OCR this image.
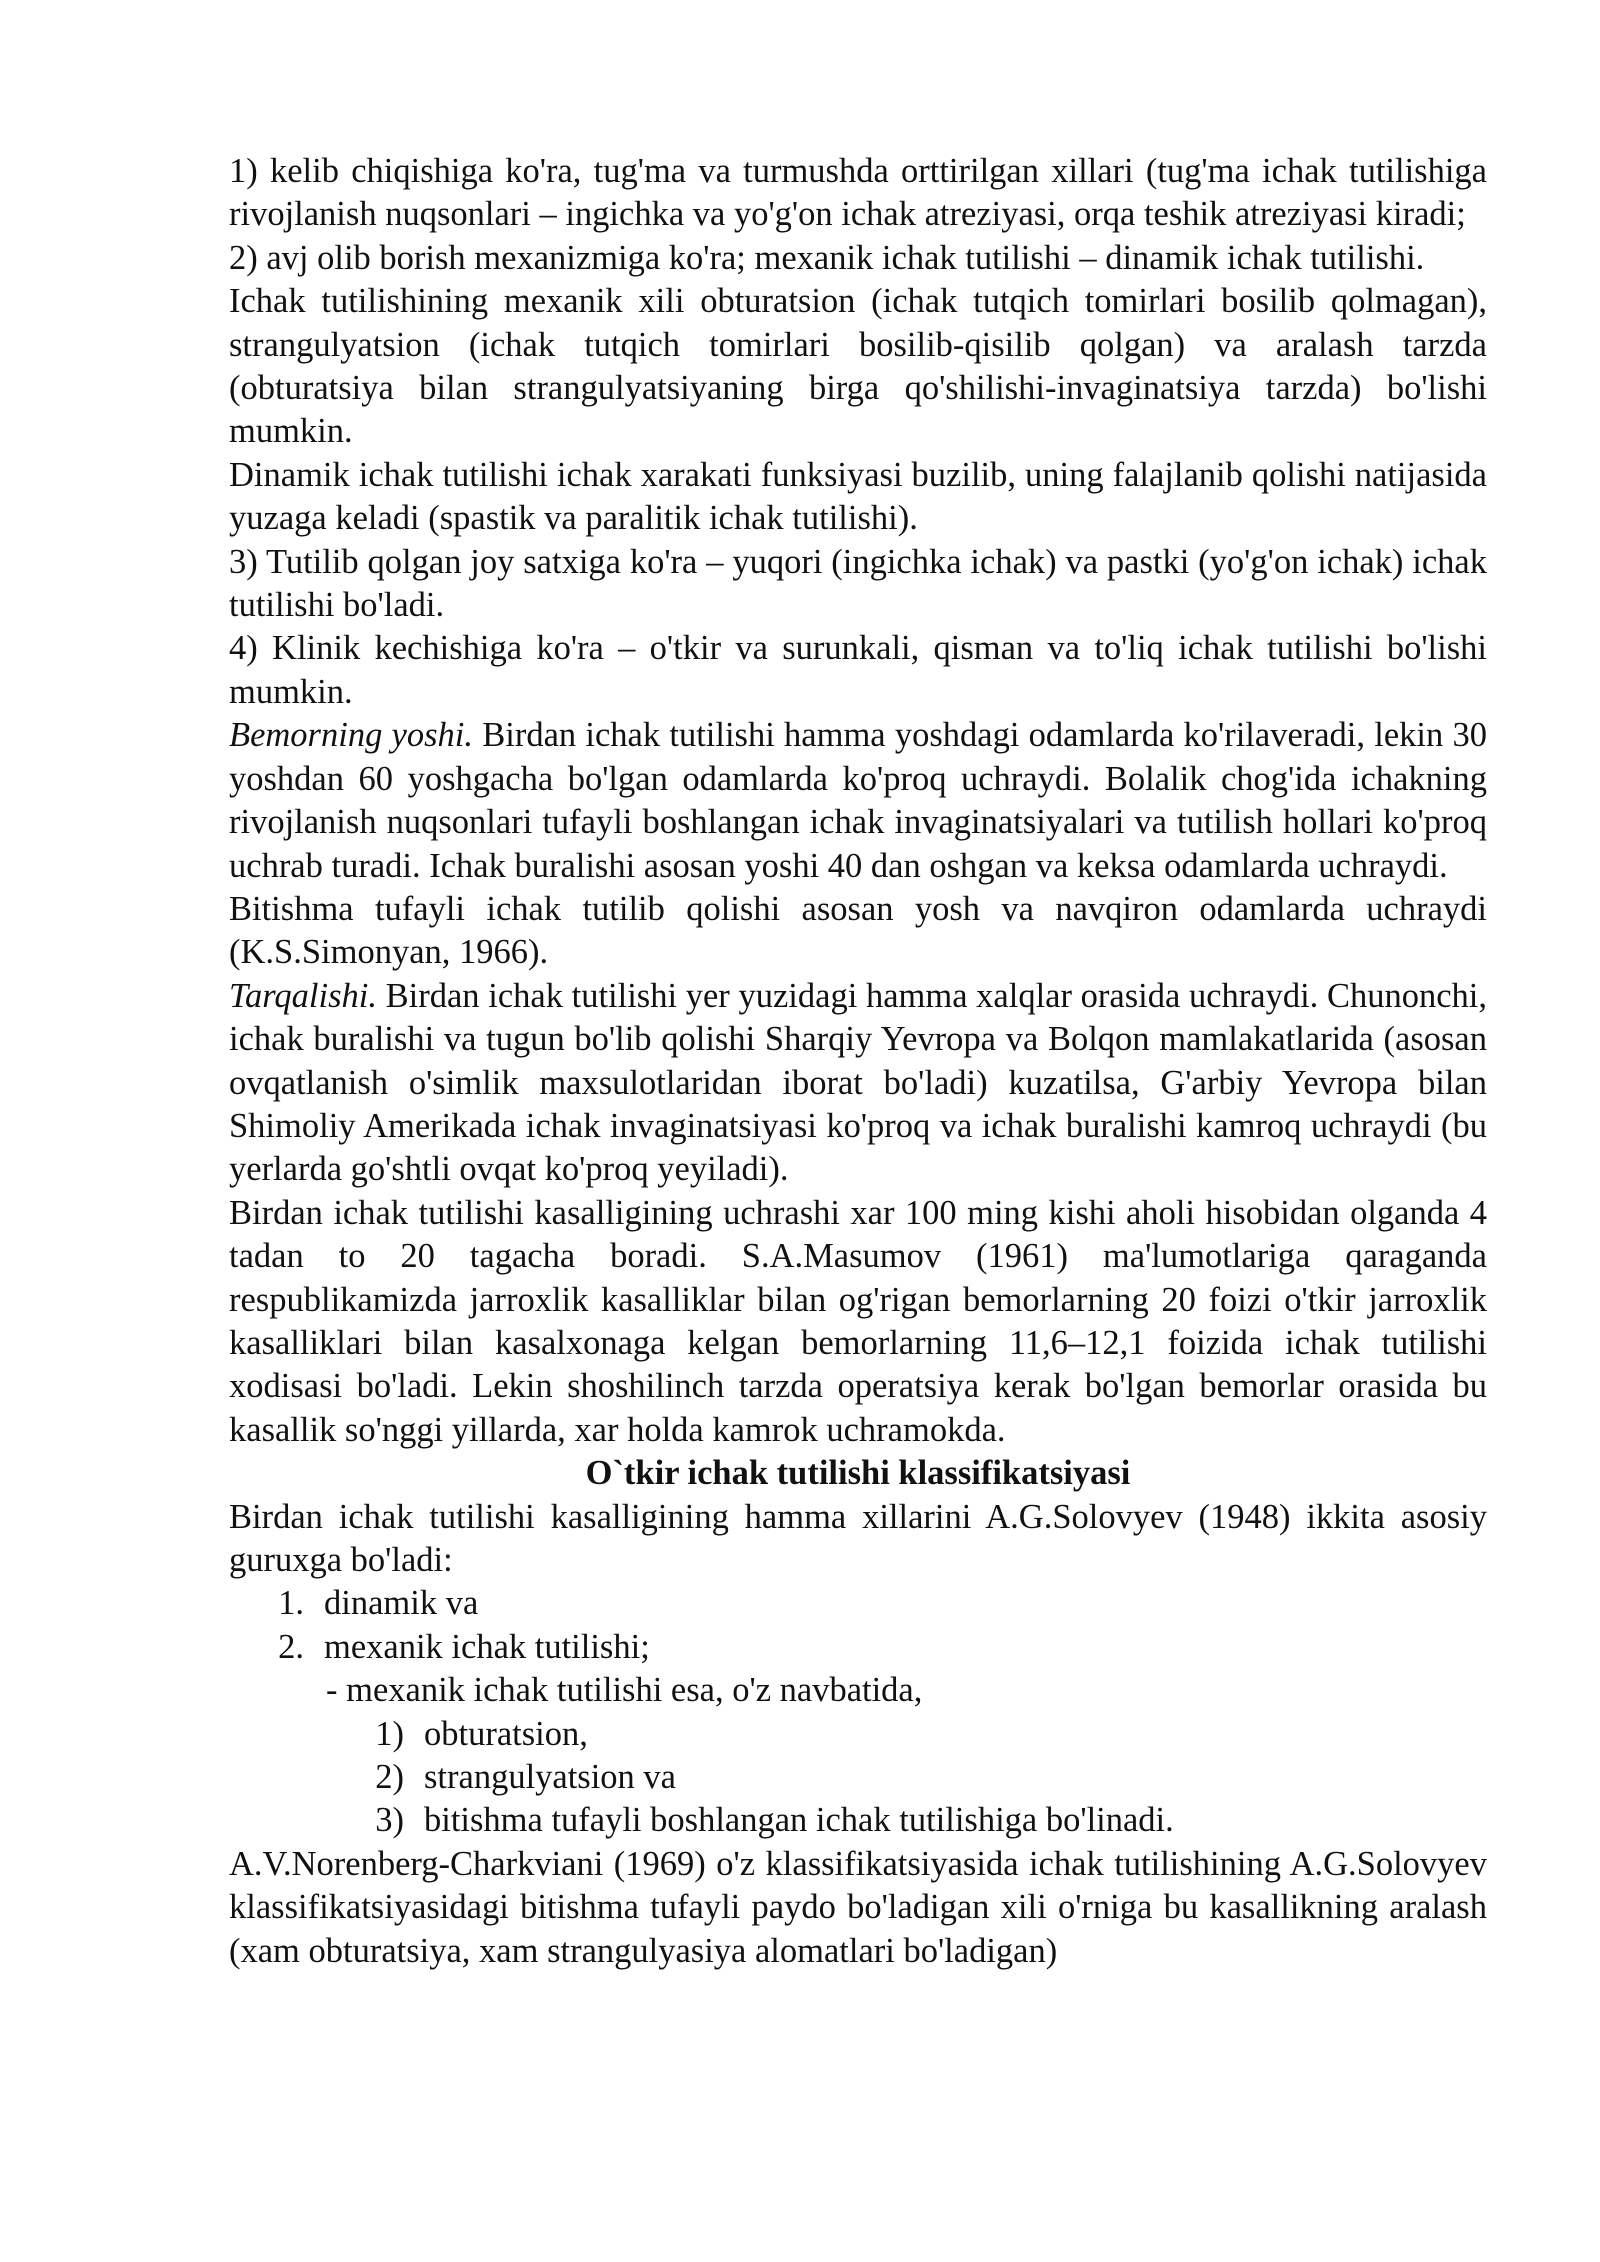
1) kelib chiqishiga ko'ra, tug'ma va turmushda orttirilgan xillari (tug'ma ichak tutilishiga rivojlanish nuqsonlari – ingichka va yo'g'on ichak atreziyasi, orqa teshik atreziyasi kiradi;

2) avj olib borish mexanizmiga ko'ra; mexanik ichak tutilishi – dinamik ichak tutilishi.

Ichak tutilishining mexanik xili obturatsion (ichak tutqich tomirlari bosilib qolmagan), strangulyatsion (ichak tutqich tomirlari bosilib-qisilib qolgan) va aralash tarzda (obturatsiya bilan strangulyatsiyaning birga qo'shilishi-invaginatsiya tarzda) bo'lishi mumkin.

Dinamik ichak tutilishi ichak xarakati funksiyasi buzilib, uning falajlanib qolishi natijasida yuzaga keladi (spastik va paralitik ichak tutilishi).

3) Tutilib qolgan joy satxiga ko'ra – yuqori (ingichka ichak) va pastki (yo'g'on ichak) ichak tutilishi bo'ladi.

4) Klinik kechishiga ko'ra – o'tkir va surunkali, qisman va to'liq ichak tutilishi bo'lishi mumkin.

Bemorning yoshi. Birdan ichak tutilishi hamma yoshdagi odamlarda ko'rilaveradi, lekin 30 yoshdan 60 yoshgacha bo'lgan odamlarda ko'proq uchraydi. Bolalik chog'ida ichakning rivojlanish nuqsonlari tufayli boshlangan ichak invaginatsiyalari va tutilish hollari ko'proq uchrab turadi. Ichak buralishi asosan yoshi 40 dan oshgan va keksa odamlarda uchraydi.

Bitishma tufayli ichak tutilib qolishi asosan yosh va navqiron odamlarda uchraydi (K.S.Simonyan, 1966).

Tarqalishi. Birdan ichak tutilishi yer yuzidagi hamma xalqlar orasida uchraydi. Chunonchi, ichak buralishi va tugun bo'lib qolishi Sharqiy Yevropa va Bolqon mamlakatlarida (asosan ovqatlanish o'simlik maxsulotlaridan iborat bo'ladi) kuzatilsa, G'arbiy Yevropa bilan Shimoliy Amerikada ichak invaginatsiyasi ko'proq va ichak buralishi kamroq uchraydi (bu yerlarda go'shtli ovqat ko'proq yeyiladi).

Birdan ichak tutilishi kasalligining uchrashi xar 100 ming kishi aholi hisobidan olganda 4 tadan to 20 tagacha boradi. S.A.Masumov (1961) ma'lumotlariga qaraganda respublikamizda jarroxlik kasalliklar bilan og'rigan bemorlarning 20 foizi o'tkir jarroxlik kasalliklari bilan kasalxonaga kelgan bemorlarning 11,6–12,1 foizida ichak tutilishi xodisasi bo'ladi. Lekin shoshilinch tarzda operatsiya kerak bo'lgan bemorlar orasida bu kasallik so'nggi yillarda, xar holda kamrok uchramokda.

O`tkir ichak tutilishi klassifikatsiyasi

Birdan ichak tutilishi kasalligining hamma xillarini A.G.Solovyev (1948) ikkita asosiy guruxga bo'ladi:

1. dinamik va
2. mexanik ichak tutilishi;

- mexanik ichak tutilishi esa, o'z navbatida,

1) obturatsion,
2) strangulyatsion va
3) bitishma tufayli boshlangan ichak tutilishiga bo'linadi.

A.V.Norenberg-Charkviani (1969) o'z klassifikatsiyasida ichak tutilishining A.G.Solovyev klassifikatsiyasidagi bitishma tufayli paydo bo'ladigan xili o'rniga bu kasallikning aralash (xam obturatsiya, xam strangulyasiya alomatlari bo'ladigan)
